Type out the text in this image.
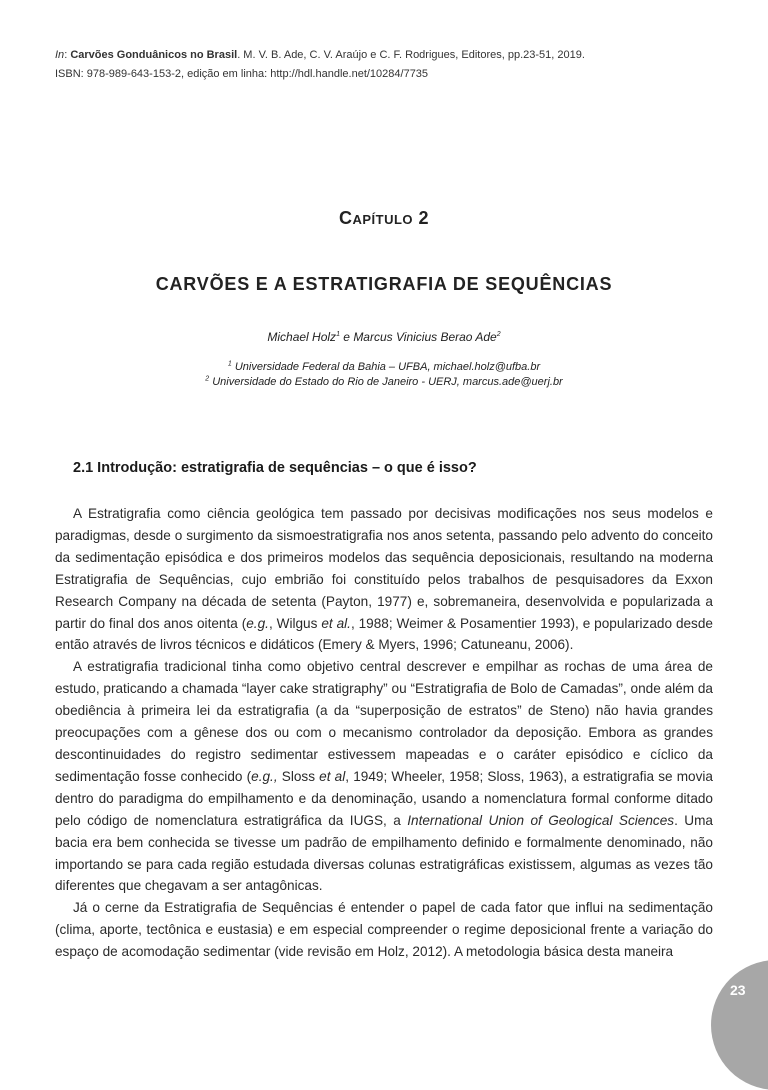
In: Carvões Gonduânicos no Brasil. M. V. B. Ade, C. V. Araújo e C. F. Rodrigues, Editores, pp.23-51, 2019.
ISBN: 978-989-643-153-2, edição em linha: http://hdl.handle.net/10284/7735
Capítulo 2
CARVÕES E A ESTRATIGRAFIA DE SEQUÊNCIAS
Michael Holz$^1$ e Marcus Vinicius Berao Ade$^2$
$^1$ Universidade Federal da Bahia – UFBA, michael.holz@ufba.br
$^2$ Universidade do Estado do Rio de Janeiro - UERJ, marcus.ade@uerj.br
2.1 Introdução: estratigrafia de sequências – o que é isso?

A Estratigrafia como ciência geológica tem passado por decisivas modificações nos seus modelos e paradigmas, desde o surgimento da sismoestratigrafia nos anos setenta, passando pelo advento do conceito da sedimentação episódica e dos primeiros modelos das sequência deposicionais, resultando na moderna Estratigrafia de Sequências, cujo embrião foi constituído pelos trabalhos de pesquisadores da Exxon Research Company na década de setenta (Payton, 1977) e, sobremaneira, desenvolvida e popularizada a partir do final dos anos oitenta (e.g., Wilgus et al., 1988; Weimer & Posamentier 1993), e popularizado desde então através de livros técnicos e didáticos (Emery & Myers, 1996; Catuneanu, 2006).

A estratigrafia tradicional tinha como objetivo central descrever e empilhar as rochas de uma área de estudo, praticando a chamada “layer cake stratigraphy” ou “Estratigrafia de Bolo de Camadas”, onde além da obediência à primeira lei da estratigrafia (a da “superposição de estratos” de Steno) não havia grandes preocupações com a gênese dos ou com o mecanismo controlador da deposição. Embora as grandes descontinuidades do registro sedimentar estivessem mapeadas e o caráter episódico e cíclico da sedimentação fosse conhecido (e.g., Sloss et al, 1949; Wheeler, 1958; Sloss, 1963), a estratigrafia se movia dentro do paradigma do empilhamento e da denominação, usando a nomenclatura formal conforme ditado pelo código de nomenclatura estratigráfica da IUGS, a International Union of Geological Sciences. Uma bacia era bem conhecida se tivesse um padrão de empilhamento definido e formalmente denominado, não importando se para cada região estudada diversas colunas estratigráficas existissem, algumas as vezes tão diferentes que chegavam a ser antagônicas.

Já o cerne da Estratigrafia de Sequências é entender o papel de cada fator que influi na sedimentação (clima, aporte, tectônica e eustasia) e em especial compreender o regime deposicional frente a variação do espaço de acomodação sedimentar (vide revisão em Holz, 2012). A metodologia básica desta maneira

23
